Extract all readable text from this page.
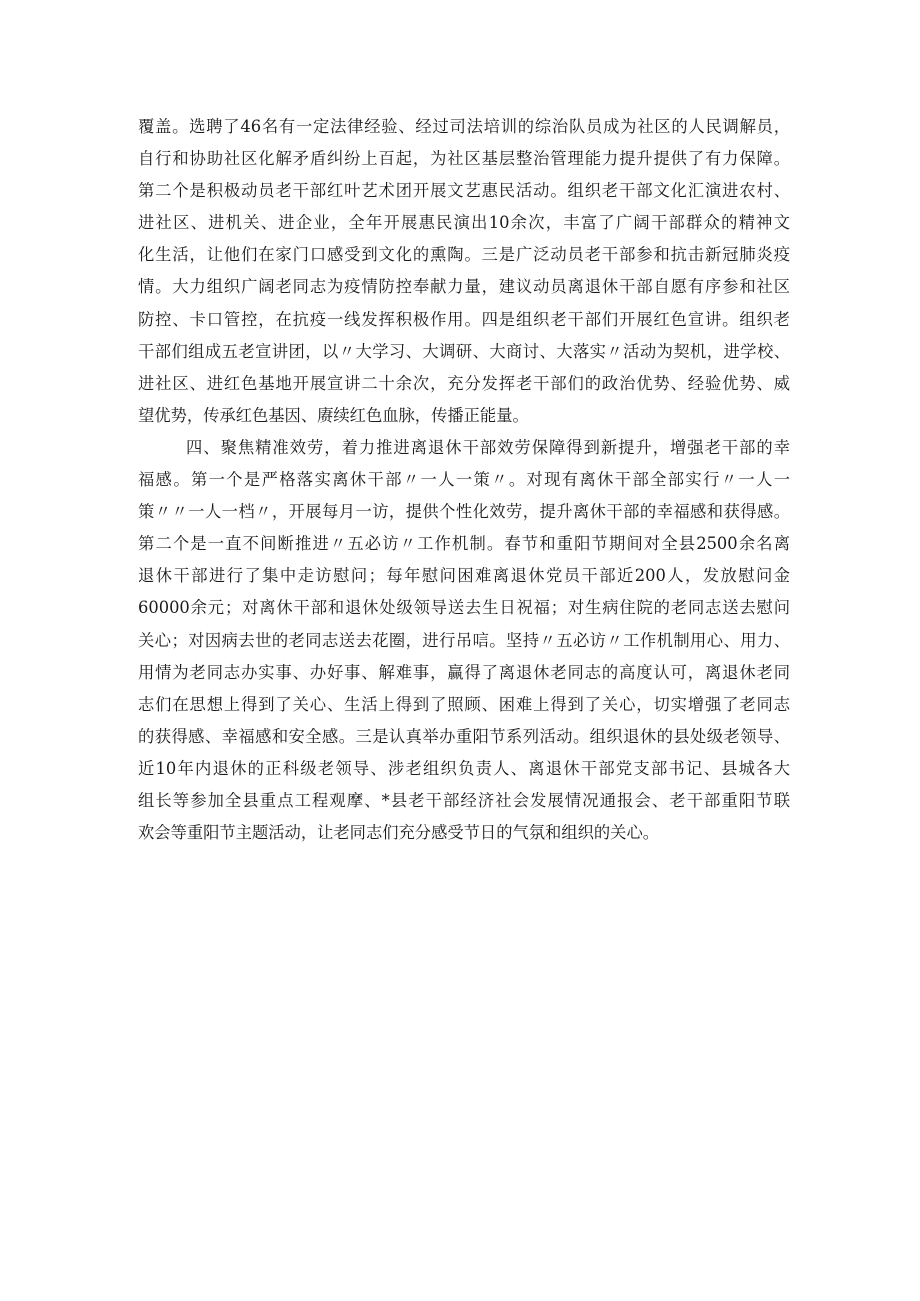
覆盖。选聘了46名有一定法律经验、经过司法培训的综治队员成为社区的人民调解员，
自行和协助社区化解矛盾纠纷上百起，为社区基层整治管理能力提升提供了有力保障。
第二个是积极动员老干部红叶艺术团开展文艺惠民活动。组织老干部文化汇演进农村、
进社区、进机关、进企业，全年开展惠民演出10余次，丰富了广阔干部群众的精神文
化生活，让他们在家门口感受到文化的熏陶。三是广泛动员老干部参和抗击新冠肺炎疫
情。大力组织广阔老同志为疫情防控奉献力量，建议动员离退休干部自愿有序参和社区
防控、卡口管控，在抗疫一线发挥积极作用。四是组织老干部们开展红色宣讲。组织老
干部们组成五老宣讲团，以〃大学习、大调研、大商讨、大落实〃活动为契机，进学校、
进社区、进红色基地开展宣讲二十余次，充分发挥老干部们的政治优势、经验优势、威
望优势，传承红色基因、赓续红色血脉，传播正能量。
四、聚焦精准效劳，着力推进离退休干部效劳保障得到新提升，增强老干部的幸
福感。第一个是严格落实离休干部〃一人一策〃。对现有离休干部全部实行〃一人一
策〃〃一人一档〃，开展每月一访，提供个性化效劳，提升离休干部的幸福感和获得感。
第二个是一直不间断推进〃五必访〃工作机制。春节和重阳节期间对全县2500余名离
退休干部进行了集中走访慰问；每年慰问困难离退休党员干部近200人，发放慰问金
60000余元；对离休干部和退休处级领导送去生日祝福；对生病住院的老同志送去慰问
关心；对因病去世的老同志送去花圈，进行吊唁。坚持〃五必访〃工作机制用心、用力、
用情为老同志办实事、办好事、解难事，赢得了离退休老同志的高度认可，离退休老同
志们在思想上得到了关心、生活上得到了照顾、困难上得到了关心，切实增强了老同志
的获得感、幸福感和安全感。三是认真举办重阳节系列活动。组织退休的县处级老领导、
近10年内退休的正科级老领导、涉老组织负责人、离退休干部党支部书记、县城各大
组长等参加全县重点工程观摩、*县老干部经济社会发展情况通报会、老干部重阳节联
欢会等重阳节主题活动，让老同志们充分感受节日的气氛和组织的关心。
